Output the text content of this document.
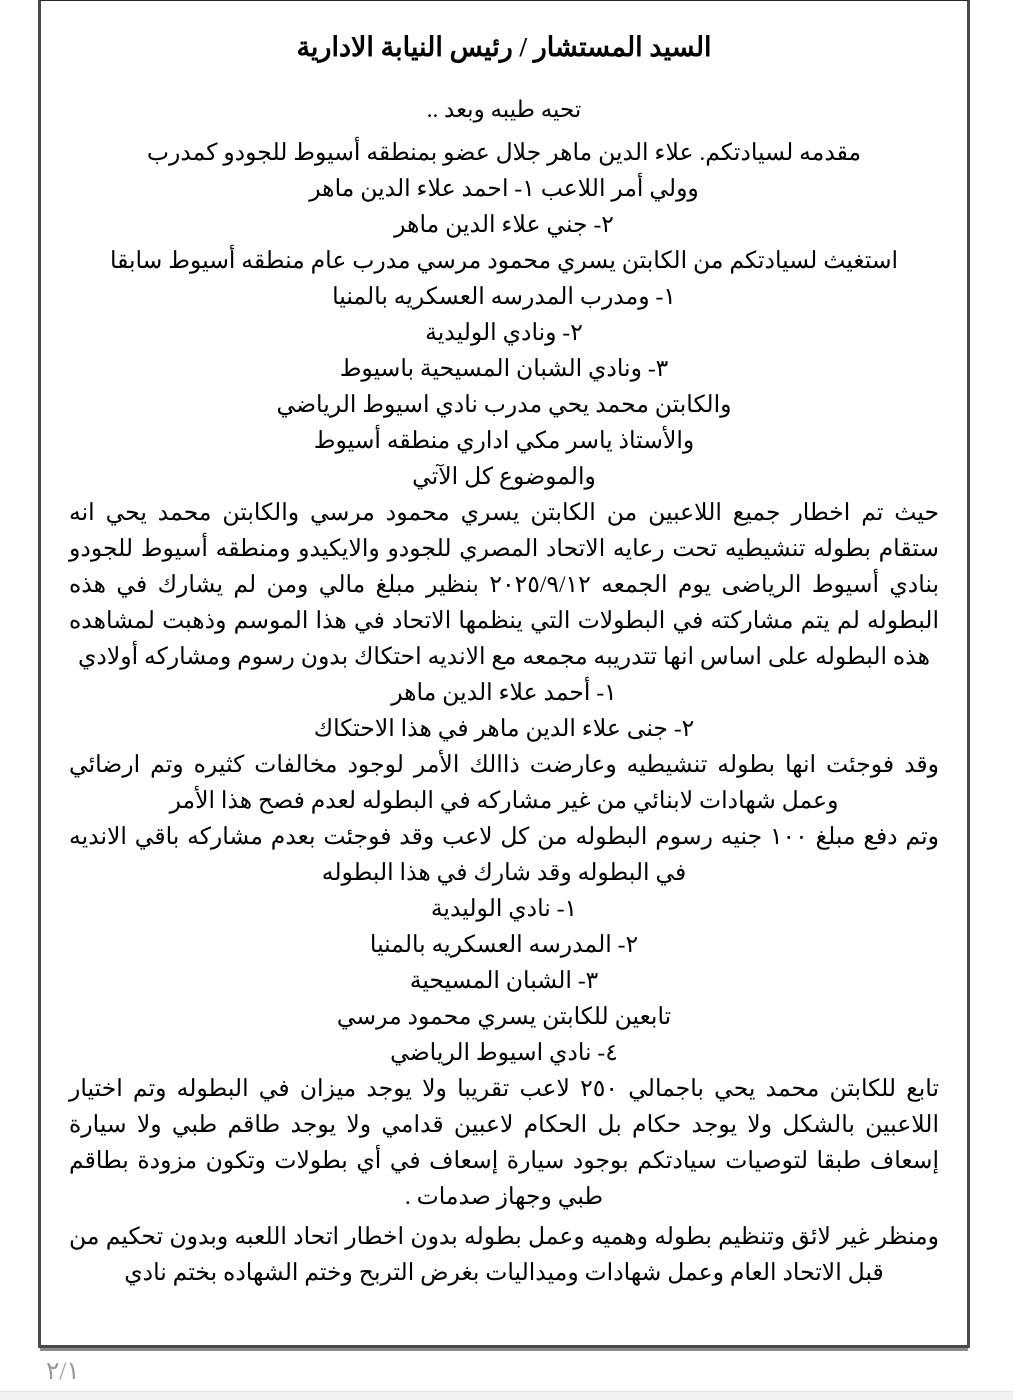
السيد المستشار / رئيس النيابة الادارية

تحيه طيبه وبعد ..

مقدمه لسيادتكم. علاء الدين ماهر جلال عضو بمنطقه أسيوط للجودو كمدرب

وولي أمر اللاعب ١- احمد علاء الدين ماهر

٢- جني علاء الدين ماهر

استغيث لسيادتكم من الكابتن يسري محمود مرسي مدرب عام منطقه أسيوط سابقا

١- ومدرب المدرسه العسكريه بالمنيا

٢- ونادي الوليدية

٣- ونادي الشبان المسيحية باسيوط

والكابتن محمد يحي مدرب نادي اسيوط الرياضي

والأستاذ ياسر مكي اداري منطقه أسيوط

والموضوع كل الآتي

حيث تم اخطار جميع اللاعبين من الكابتن يسري محمود مرسي والكابتن محمد يحي انه ستقام بطوله تنشيطيه تحت رعايه الاتحاد المصري للجودو والايكيدو ومنطقه أسيوط للجودو بنادي أسيوط الرياضى يوم الجمعه ٢٠٢٥/٩/١٢ بنظير مبلغ مالي ومن لم يشارك في هذه البطوله لم يتم مشاركته في البطولات التي ينظمها الاتحاد في هذا الموسم وذهبت لمشاهده هذه البطوله على اساس انها تتدريبه مجمعه مع الانديه احتكاك بدون رسوم ومشاركه أولادي

١- أحمد علاء الدين ماهر

٢- جنى علاء الدين ماهر في هذا الاحتكاك

وقد فوجئت انها بطوله تنشيطيه وعارضت ذاالك الأمر لوجود مخالفات كثيره وتم ارضائي وعمل شهادات لابنائي من غير مشاركه في البطوله لعدم فصح هذا الأمر

وتم دفع مبلغ ١٠٠ جنيه رسوم البطوله من كل لاعب وقد فوجئت بعدم مشاركه باقي الانديه في البطوله وقد شارك في هذا البطوله

١- نادي الوليدية

٢- المدرسه العسكريه بالمنيا

٣- الشبان المسيحية

تابعين للكابتن يسري محمود مرسي

٤- نادي اسيوط الرياضي

تابع للكابتن محمد يحي باجمالي ٢٥٠ لاعب تقريبا ولا يوجد ميزان في البطوله وتم اختيار اللاعبين بالشكل ولا يوجد حكام بل الحكام لاعبين قدامي ولا يوجد طاقم طبي ولا سيارة إسعاف طبقا لتوصيات سيادتكم بوجود سيارة إسعاف في أي بطولات وتكون مزودة بطاقم طبي وجهاز صدمات .

ومنظر غير لائق وتنظيم بطوله وهميه وعمل بطوله بدون اخطار اتحاد اللعبه وبدون تحكيم من قبل الاتحاد العام وعمل شهادات وميداليات بغرض التربح وختم الشهاده بختم نادي

٢/١
